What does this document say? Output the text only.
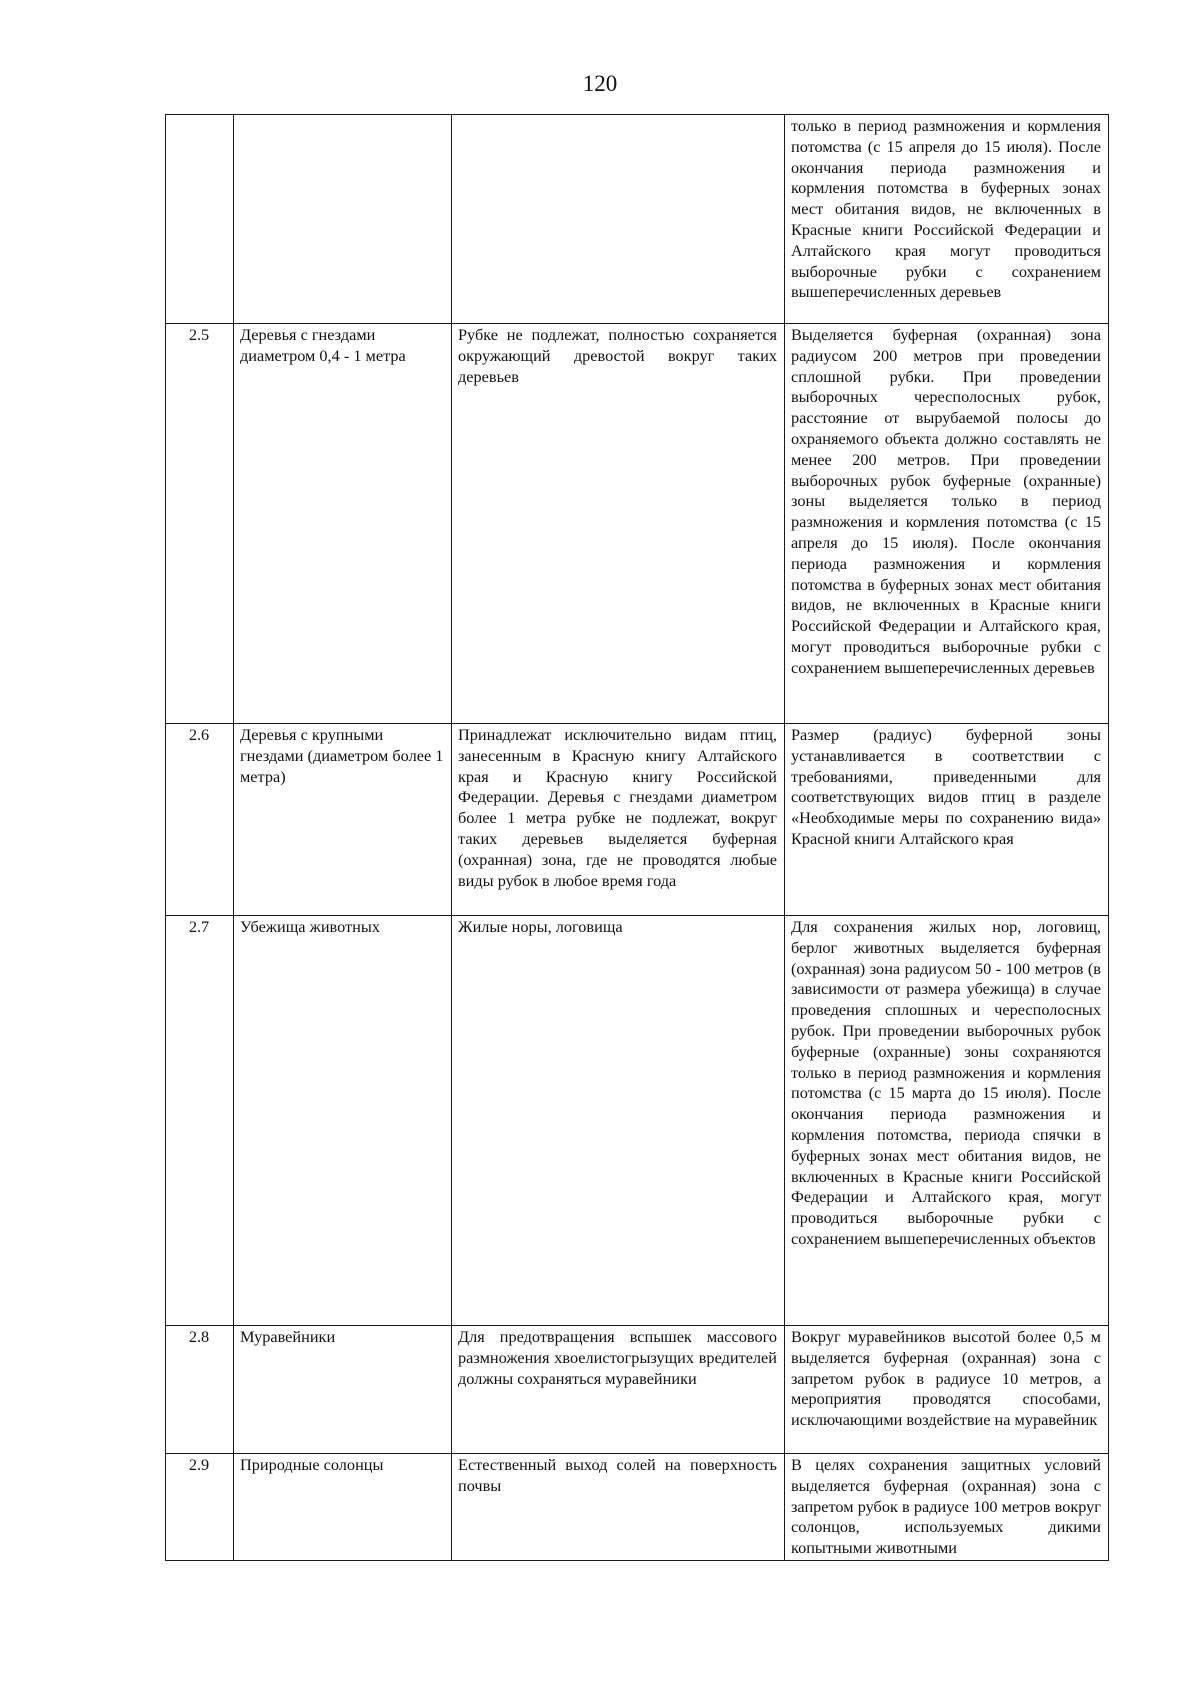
120
			только в период размножения и кормления потомства (с 15 апреля до 15 июля). После окончания периода размножения и кормления потомства в буферных зонах мест обитания видов, не включенных в Красные книги Российской Федерации и Алтайского края могут проводиться выборочные рубки с сохранением вышеперечисленных деревьев
2.5	Деревья с гнездами диаметром 0,4 - 1 метра	Рубке не подлежат, полностью сохраняется окружающий древостой вокруг таких деревьев	Выделяется буферная (охранная) зона радиусом 200 метров при проведении сплошной рубки. При проведении выборочных чересполосных рубок, расстояние от вырубаемой полосы до охраняемого объекта должно составлять не менее 200 метров. При проведении выборочных рубок буферные (охранные) зоны выделяется только в период размножения и кормления потомства (с 15 апреля до 15 июля). После окончания периода размножения и кормления потомства в буферных зонах мест обитания видов, не включенных в Красные книги Российской Федерации и Алтайского края, могут проводиться выборочные рубки с сохранением вышеперечисленных деревьев
2.6	Деревья с крупными гнездами (диаметром более 1 метра)	Принадлежат исключительно видам птиц, занесенным в Красную книгу Алтайского края и Красную книгу Российской Федерации. Деревья с гнездами диаметром более 1 метра рубке не подлежат, вокруг таких деревьев выделяется буферная (охранная) зона, где не проводятся любые виды рубок в любое время года	Размер (радиус) буферной зоны устанавливается в соответствии с требованиями, приведенными для соответствующих видов птиц в разделе «Необходимые меры по сохранению вида» Красной книги Алтайского края
2.7	Убежища животных	Жилые норы, логовища	Для сохранения жилых нор, логовищ, берлог животных выделяется буферная (охранная) зона радиусом 50 - 100 метров (в зависимости от размера убежища) в случае проведения сплошных и чересполосных рубок. При проведении выборочных рубок буферные (охранные) зоны сохраняются только в период размножения и кормления потомства (с 15 марта до 15 июля). После окончания периода размножения и кормления потомства, периода спячки в буферных зонах мест обитания видов, не включенных в Красные книги Российской Федерации и Алтайского края, могут проводиться выборочные рубки с сохранением вышеперечисленных объектов
2.8	Муравейники	Для предотвращения вспышек массового размножения хвоелистогрызущих вредителей должны сохраняться муравейники	Вокруг муравейников высотой более 0,5 м выделяется буферная (охранная) зона с запретом рубок в радиусе 10 метров, а мероприятия проводятся способами, исключающими воздействие на муравейник
2.9	Природные солонцы	Естественный выход солей на поверхность почвы	В целях сохранения защитных условий выделяется буферная (охранная) зона с запретом рубок в радиусе 100 метров вокруг солонцов, используемых дикими копытными животными
